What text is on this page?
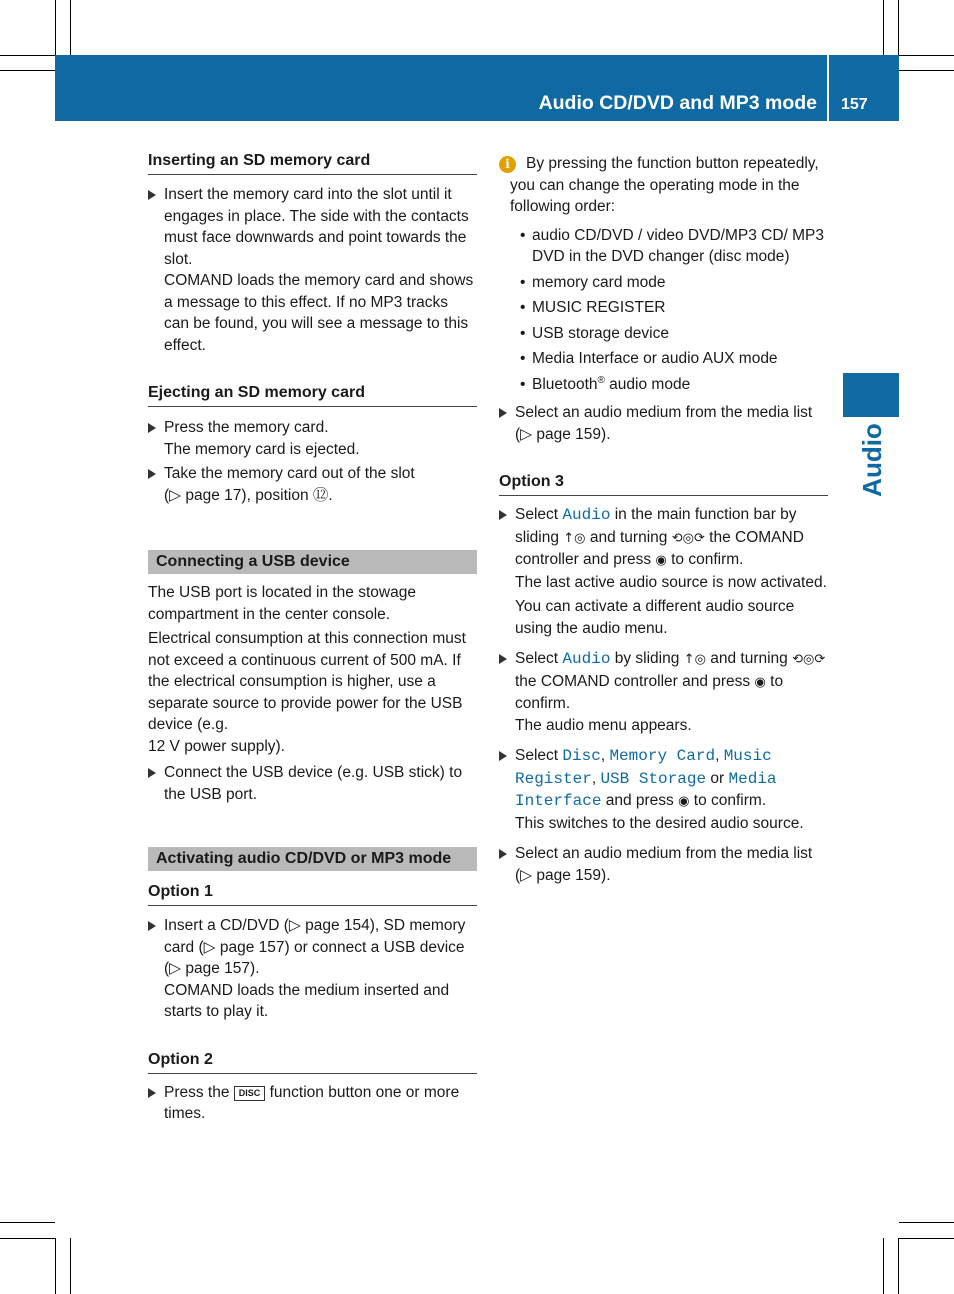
Audio CD/DVD and MP3 mode 157
Audio
Inserting an SD memory card

Insert the memory card into the slot until it engages in place. The side with the contacts must face downwards and point towards the slot.

COMAND loads the memory card and shows a message to this effect. If no MP3 tracks can be found, you will see a message to this effect.

Ejecting an SD memory card

Press the memory card.

The memory card is ejected.

Take the memory card out of the slot

(▷ page 17), position ⑫.

Connecting a USB device

The USB port is located in the stowage compartment in the center console.

Electrical consumption at this connection must not exceed a continuous current of 500 mA. If the electrical consumption is higher, use a separate source to provide power for the USB device (e.g.

12 V power supply).

Connect the USB device (e.g. USB stick) to the USB port.

Activating audio CD/DVD or MP3 mode
Option 1

Insert a CD/DVD (▷ page 154), SD memory card (▷ page 157) or connect a USB device (▷ page 157).

COMAND loads the medium inserted and starts to play it.

Option 2

Press the DISC function button one or more times.

i	By pressing the function button repeatedly, you can change the operating mode in the following order:

• audio CD/DVD / video DVD/MP3 CD/ MP3 DVD in the DVD changer (disc mode)
• memory card mode
• MUSIC REGISTER
• USB storage device
• Media Interface or audio AUX mode
• Bluetooth® audio mode

Select an audio medium from the media list (▷ page 159).

Option 3

Select Audio in the main function bar by sliding ↑◎ and turning ⟲◎⟳ the COMAND controller and press ◉ to confirm.

The last active audio source is now activated.

You can activate a different audio source using the audio menu.

Select Audio by sliding ↑◎ and turning ⟲◎⟳ the COMAND controller and press ◉ to confirm.

The audio menu appears.

Select Disc, Memory Card, Music Register, USB Storage or Media Interface and press ◉ to confirm.

This switches to the desired audio source.

Select an audio medium from the media list (▷ page 159).
